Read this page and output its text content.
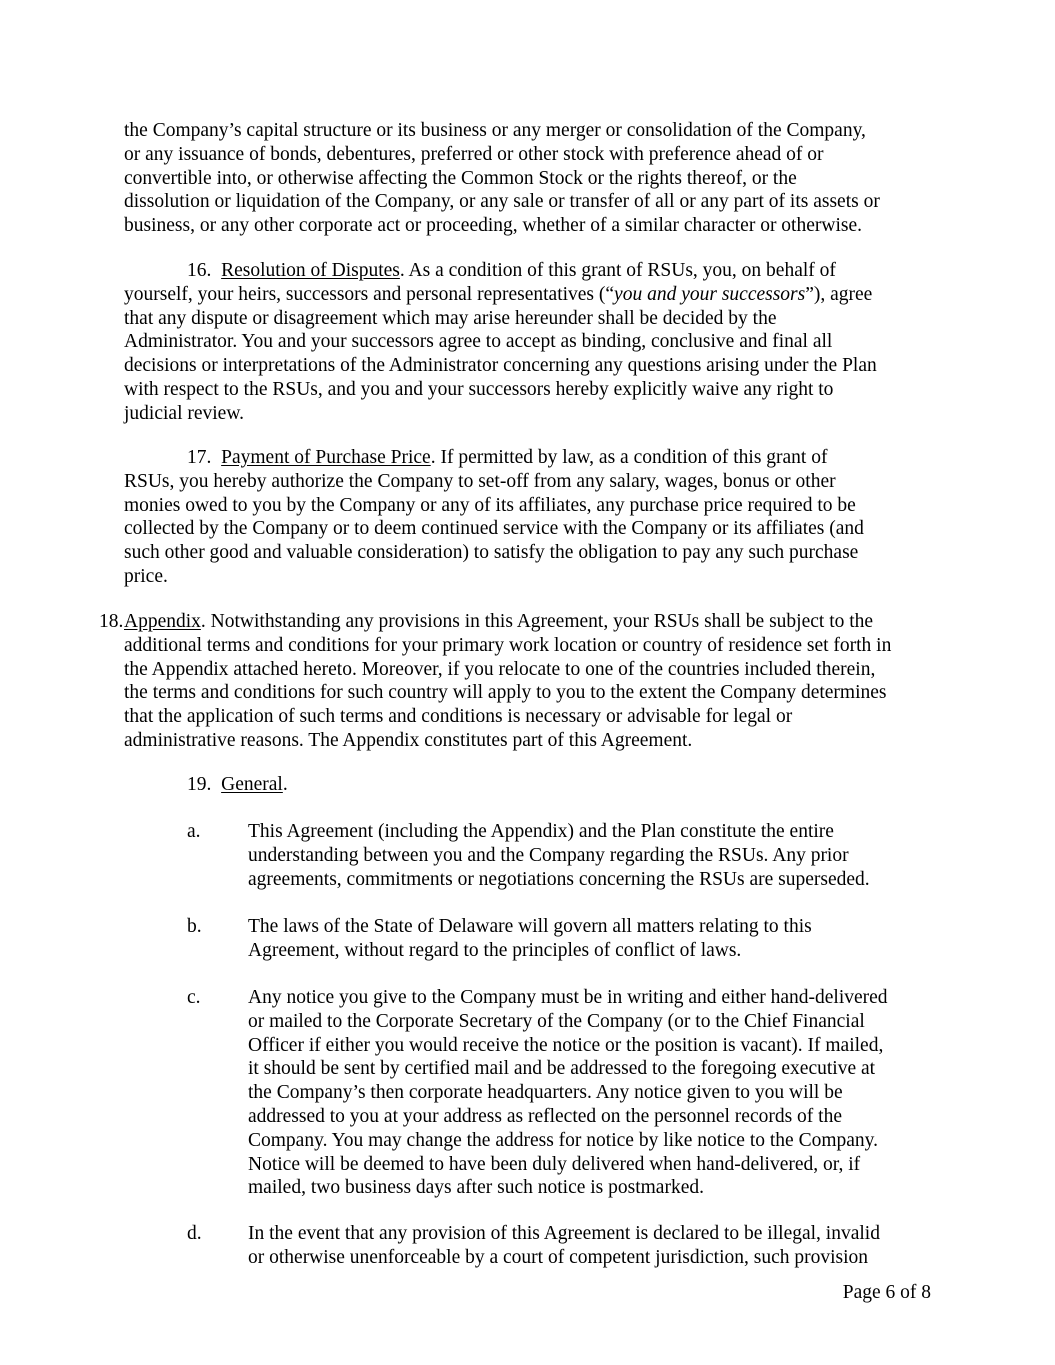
the Company’s capital structure or its business or any merger or consolidation of the Company,
or any issuance of bonds, debentures, preferred or other stock with preference ahead of or
convertible into, or otherwise affecting the Common Stock or the rights thereof, or the
dissolution or liquidation of the Company, or any sale or transfer of all or any part of its assets or
business, or any other corporate act or proceeding, whether of a similar character or otherwise.
16. Resolution of Disputes. As a condition of this grant of RSUs, you, on behalf of
yourself, your heirs, successors and personal representatives (“you and your successors”), agree
that any dispute or disagreement which may arise hereunder shall be decided by the
Administrator. You and your successors agree to accept as binding, conclusive and final all
decisions or interpretations of the Administrator concerning any questions arising under the Plan
with respect to the RSUs, and you and your successors hereby explicitly waive any right to
judicial review.
17. Payment of Purchase Price. If permitted by law, as a condition of this grant of
RSUs, you hereby authorize the Company to set-off from any salary, wages, bonus or other
monies owed to you by the Company or any of its affiliates, any purchase price required to be
collected by the Company or to deem continued service with the Company or its affiliates (and
such other good and valuable consideration) to satisfy the obligation to pay any such purchase
price.
18. Appendix. Notwithstanding any provisions in this Agreement, your RSUs shall be subject to the
additional terms and conditions for your primary work location or country of residence set forth in
the Appendix attached hereto. Moreover, if you relocate to one of the countries included therein,
the terms and conditions for such country will apply to you to the extent the Company determines
that the application of such terms and conditions is necessary or advisable for legal or
administrative reasons. The Appendix constitutes part of this Agreement.
19. General.
a. This Agreement (including the Appendix) and the Plan constitute the entire
understanding between you and the Company regarding the RSUs. Any prior
agreements, commitments or negotiations concerning the RSUs are superseded.
b. The laws of the State of Delaware will govern all matters relating to this
Agreement, without regard to the principles of conflict of laws.
c. Any notice you give to the Company must be in writing and either hand-delivered
or mailed to the Corporate Secretary of the Company (or to the Chief Financial
Officer if either you would receive the notice or the position is vacant). If mailed,
it should be sent by certified mail and be addressed to the foregoing executive at
the Company’s then corporate headquarters. Any notice given to you will be
addressed to you at your address as reflected on the personnel records of the
Company. You may change the address for notice by like notice to the Company.
Notice will be deemed to have been duly delivered when hand-delivered, or, if
mailed, two business days after such notice is postmarked.
d. In the event that any provision of this Agreement is declared to be illegal, invalid
or otherwise unenforceable by a court of competent jurisdiction, such provision
Page 6 of 8
